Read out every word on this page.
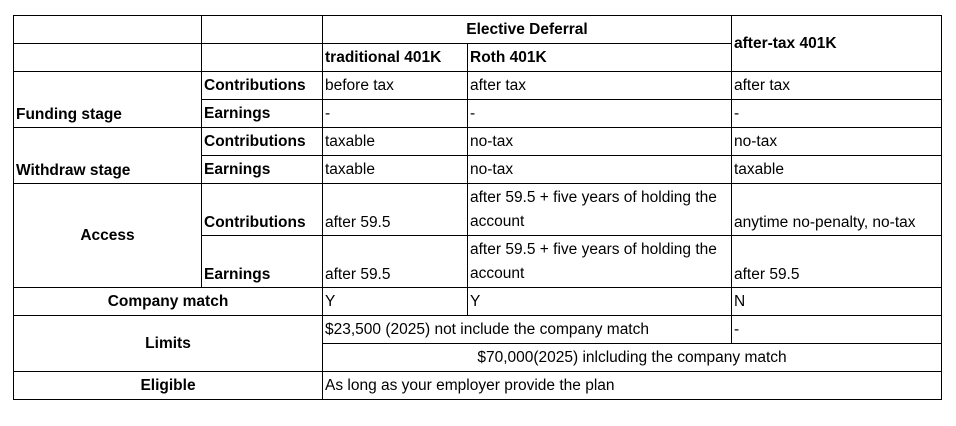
		Elective Deferral		after-tax 401K
		traditional 401K	Roth 401K	
Funding stage	Contributions	before tax	after tax	after tax
	Earnings	-	-	-
Withdraw stage	Contributions	taxable	no-tax	no-tax
	Earnings	taxable	no-tax	taxable
Access	Contributions	after 59.5	after 59.5 + five years of holding the account	anytime no-penalty, no-tax
	Earnings	after 59.5	after 59.5 + five years of holding the account	after 59.5
Company match		Y	Y	N
Limits		$23,500 (2025) not include the company match		-
		$70,000(2025) inlcluding the company match		
Eligible		As long as your employer provide the plan		
